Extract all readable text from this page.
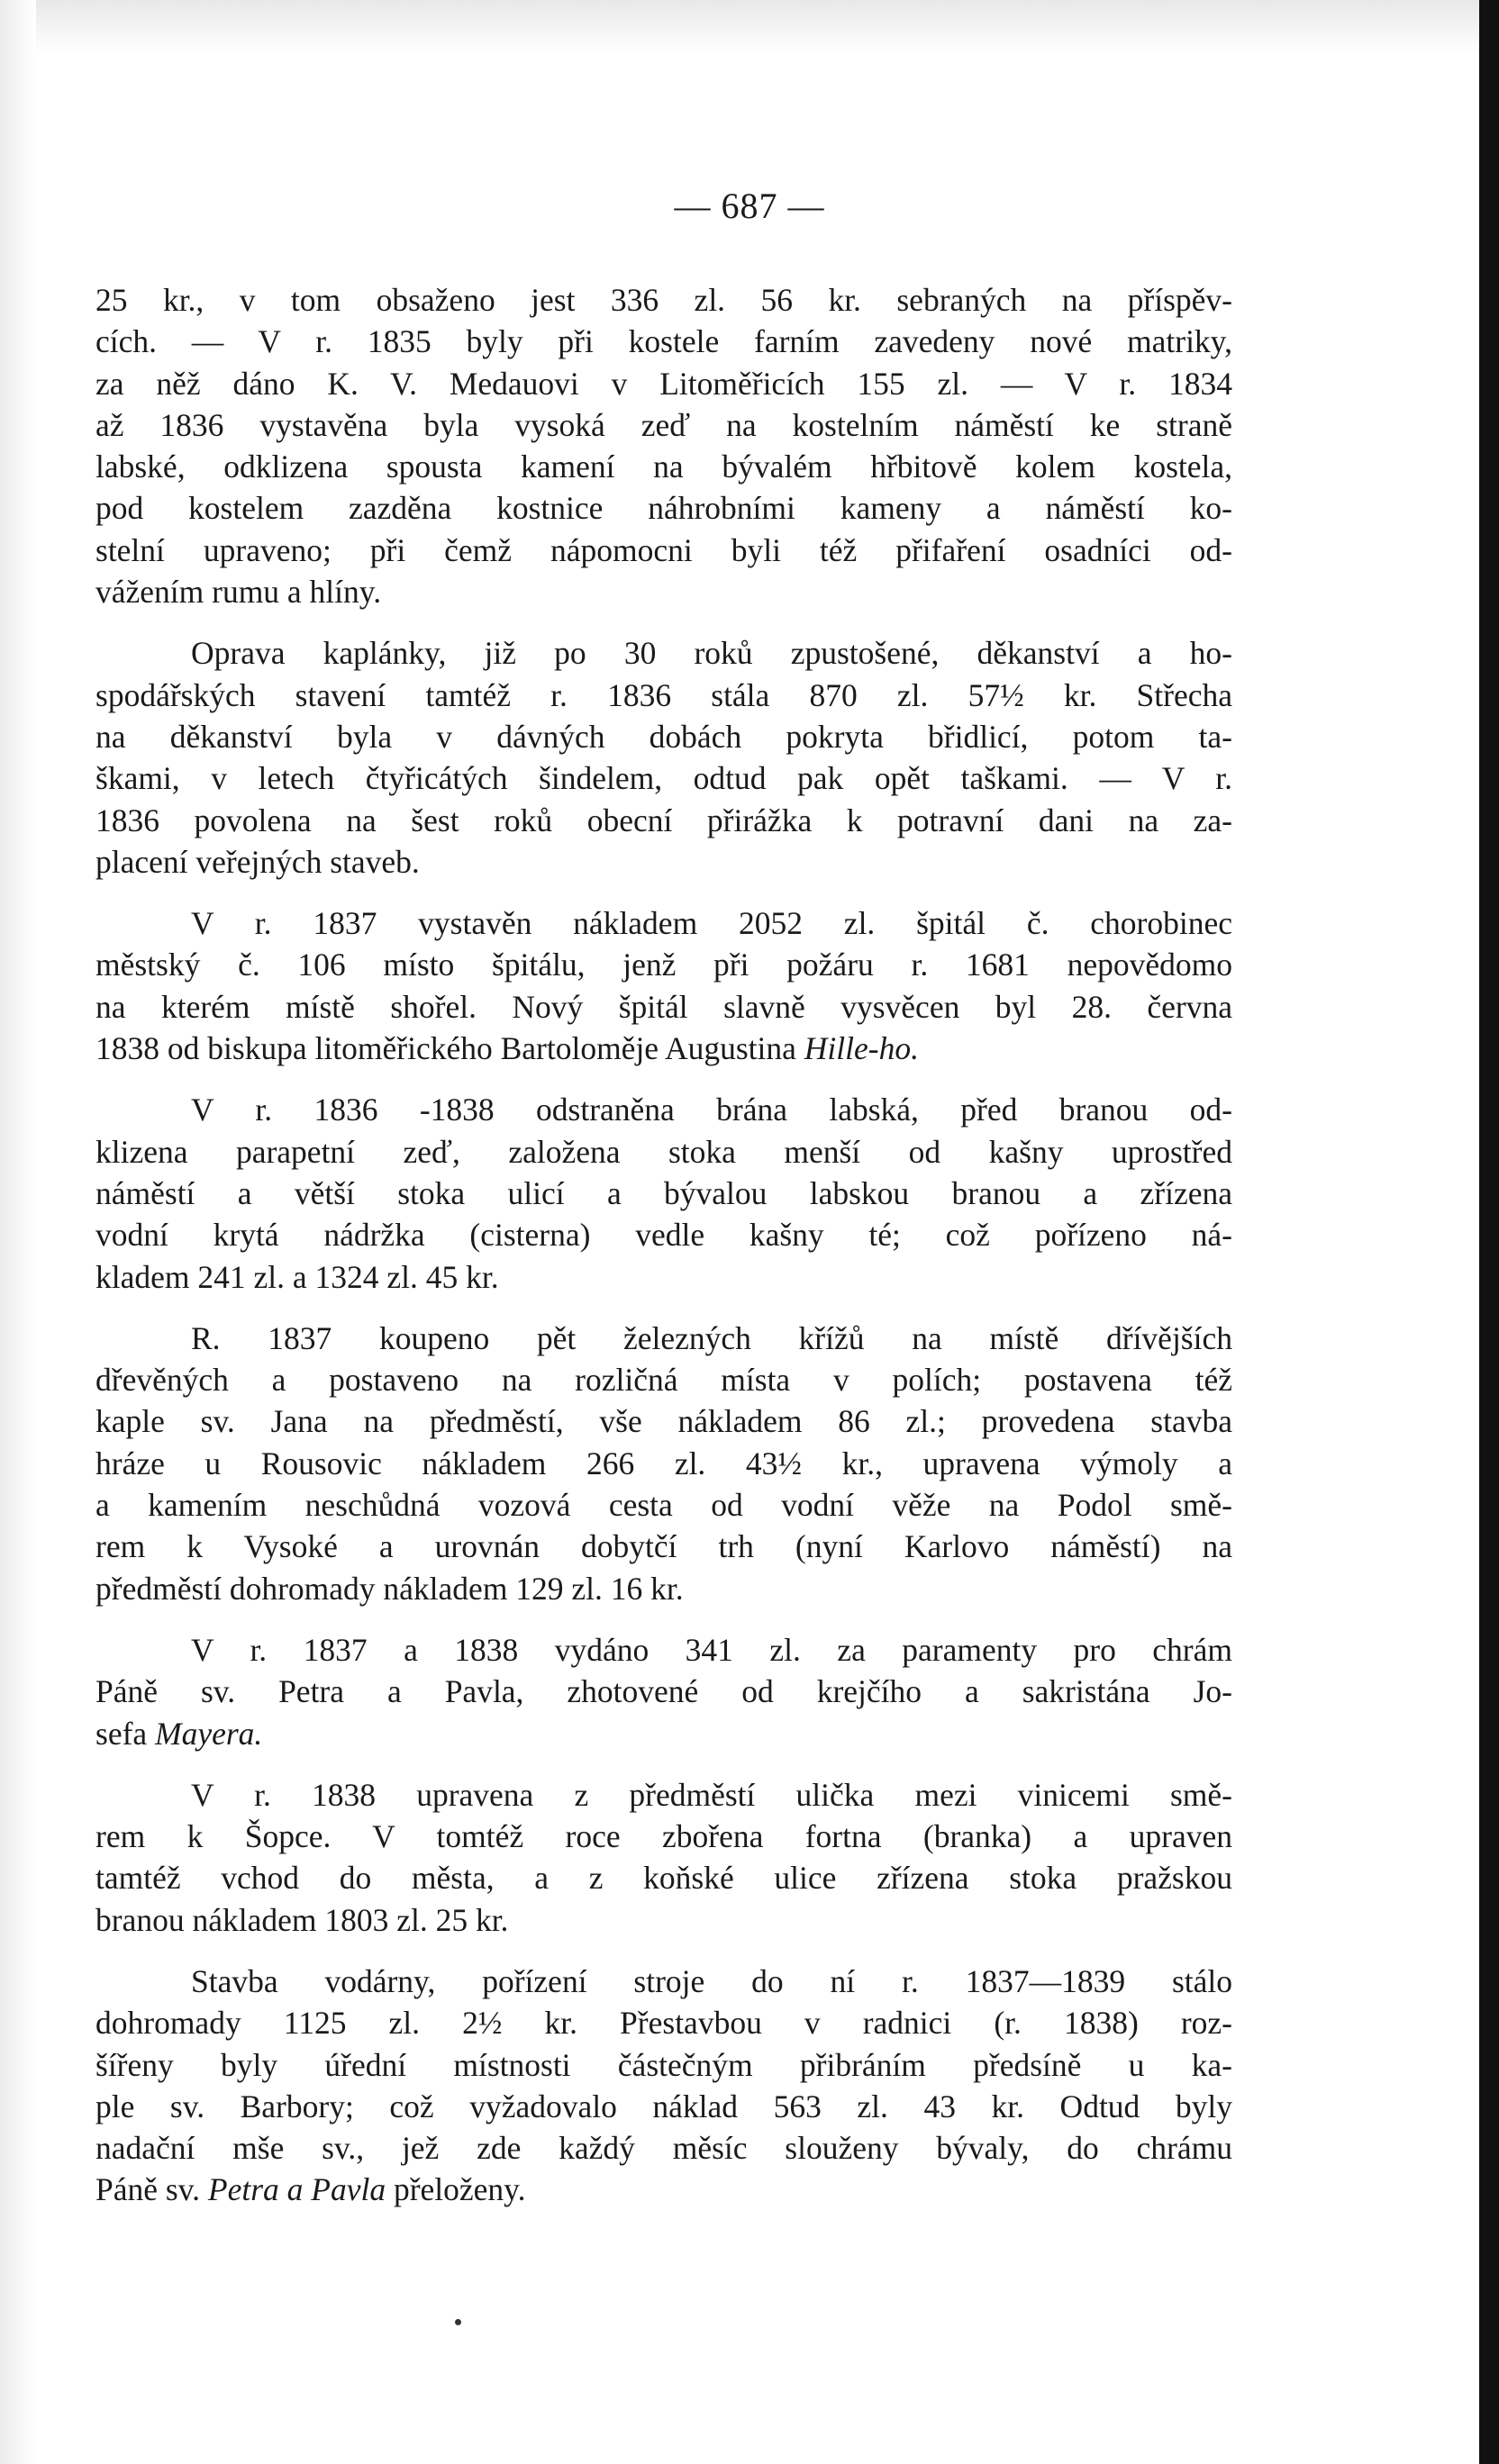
— 687 —

25 kr., v tom obsaženo jest 336 zl. 56 kr. sebraných na příspěv-
cích. — V r. 1835 byly při kostele farním zavedeny nové matriky,
za něž dáno K. V. Medauovi v Litoměřicích 155 zl. — V r. 1834
až 1836 vystavěna byla vysoká zeď na kostelním náměstí ke straně
labské, odklizena spousta kamení na bývalém hřbitově kolem kostela,
pod kostelem zazděna kostnice náhrobními kameny a náměstí ko-
stelní upraveno; při čemž nápomocni byli též přifaření osadníci od-
vážením rumu a hlíny.

Oprava kaplánky, již po 30 roků zpustošené, děkanství a ho-
spodářských stavení tamtéž r. 1836 stála 870 zl. 57½ kr. Střecha
na děkanství byla v dávných dobách pokryta břidlicí, potom ta-
škami, v letech čtyřicátých šindelem, odtud pak opět taškami. — V r.
1836 povolena na šest roků obecní přirážka k potravní dani na za-
placení veřejných staveb.

V r. 1837 vystavěn nákladem 2052 zl. špitál č. chorobinec
městský č. 106 místo špitálu, jenž při požáru r. 1681 nepovědomo
na kterém místě shořel. Nový špitál slavně vysvěcen byl 28. června
1838 od biskupa litoměřického Bartoloměje Augustina Hille-ho.

V r. 1836 -1838 odstraněna brána labská, před branou od-
klizena parapetní zeď, založena stoka menší od kašny uprostřed
náměstí a větší stoka ulicí a bývalou labskou branou a zřízena
vodní krytá nádržka (cisterna) vedle kašny té; což pořízeno ná-
kladem 241 zl. a 1324 zl. 45 kr.

R. 1837 koupeno pět železných křížů na místě dřívějších
dřevěných a postaveno na rozličná místa v polích; postavena též
kaple sv. Jana na předměstí, vše nákladem 86 zl.; provedena stavba
hráze u Rousovic nákladem 266 zl. 43½ kr., upravena výmoly a
a kamením neschůdná vozová cesta od vodní věže na Podol smě-
rem k Vysoké a urovnán dobytčí trh (nyní Karlovo náměstí) na
předměstí dohromady nákladem 129 zl. 16 kr.

V r. 1837 a 1838 vydáno 341 zl. za paramenty pro chrám
Páně sv. Petra a Pavla, zhotovené od krejčího a sakristána Jo-
sefa Mayera.

V r. 1838 upravena z předměstí ulička mezi vinicemi smě-
rem k Šopce. V tomtéž roce zbořena fortna (branka) a upraven
tamtéž vchod do města, a z koňské ulice zřízena stoka pražskou
branou nákladem 1803 zl. 25 kr.

Stavba vodárny, pořízení stroje do ní r. 1837—1839 stálo
dohromady 1125 zl. 2½ kr. Přestavbou v radnici (r. 1838) roz-
šířeny byly úřední místnosti částečným přibráním předsíně u ka-
ple sv. Barbory; což vyžadovalo náklad 563 zl. 43 kr. Odtud byly
nadační mše sv., jež zde každý měsíc slouženy bývaly, do chrámu
Páně sv. Petra a Pavla přeloženy.
